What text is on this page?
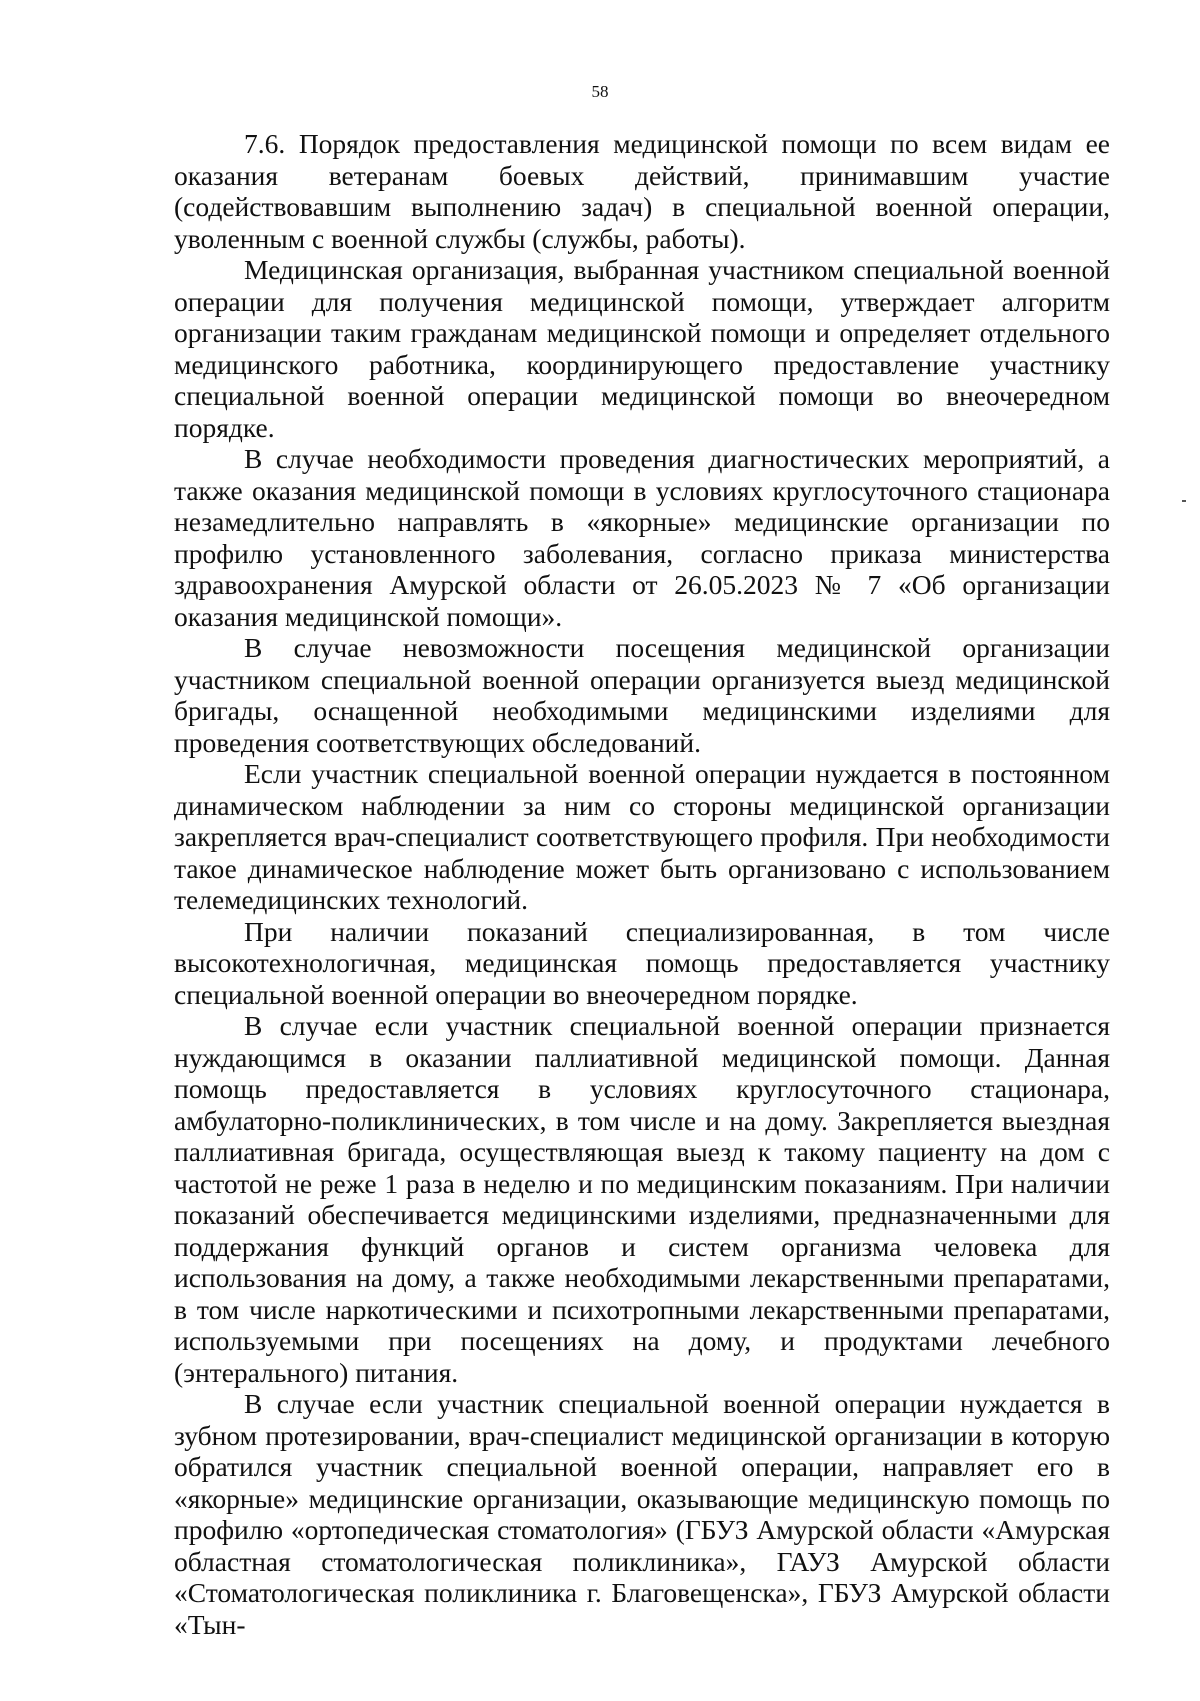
58

7.6. Порядок предоставления медицинской помощи по всем видам ее оказания ветеранам боевых действий, принимавшим участие (содействовавшим выполнению задач) в специальной военной операции, уволенным с военной службы (службы, работы).

Медицинская организация, выбранная участником специальной военной операции для получения медицинской помощи, утверждает алгоритм организации таким гражданам медицинской помощи и определяет отдельного медицинского работника, координирующего предоставление участнику специальной военной операции медицинской помощи во внеочередном порядке.

В случае необходимости проведения диагностических мероприятий, а также оказания медицинской помощи в условиях круглосуточного стационара незамедлительно направлять в «якорные» медицинские организации по профилю установленного заболевания, согласно приказа министерства здравоохранения Амурской области от 26.05.2023 № 7 «Об организации оказания медицинской помощи».

В случае невозможности посещения медицинской организации участником специальной военной операции организуется выезд медицинской бригады, оснащенной необходимыми медицинскими изделиями для проведения соответствующих обследований.

Если участник специальной военной операции нуждается в постоянном динамическом наблюдении за ним со стороны медицинской организации закрепляется врач-специалист соответствующего профиля. При необходимости такое динамическое наблюдение может быть организовано с использованием телемедицинских технологий.

При наличии показаний специализированная, в том числе высокотехнологичная, медицинская помощь предоставляется участнику специальной военной операции во внеочередном порядке.

В случае если участник специальной военной операции признается нуждающимся в оказании паллиативной медицинской помощи. Данная помощь предоставляется в условиях круглосуточного стационара, амбулаторно-поликлинических, в том числе и на дому. Закрепляется выездная паллиативная бригада, осуществляющая выезд к такому пациенту на дом с частотой не реже 1 раза в неделю и по медицинским показаниям. При наличии показаний обеспечивается медицинскими изделиями, предназначенными для поддержания функций органов и систем организма человека для использования на дому, а также необходимыми лекарственными препаратами, в том числе наркотическими и психотропными лекарственными препаратами, используемыми при посещениях на дому, и продуктами лечебного (энтерального) питания.

В случае если участник специальной военной операции нуждается в зубном протезировании, врач-специалист медицинской организации в которую обратился участник специальной военной операции, направляет его в «якорные» медицинские организации, оказывающие медицинскую помощь по профилю «ортопедическая стоматология» (ГБУЗ Амурской области «Амурская областная стоматологическая поликлиника», ГАУЗ Амурской области «Стоматологическая поликлиника г. Благовещенска», ГБУЗ Амурской области «Тын-
